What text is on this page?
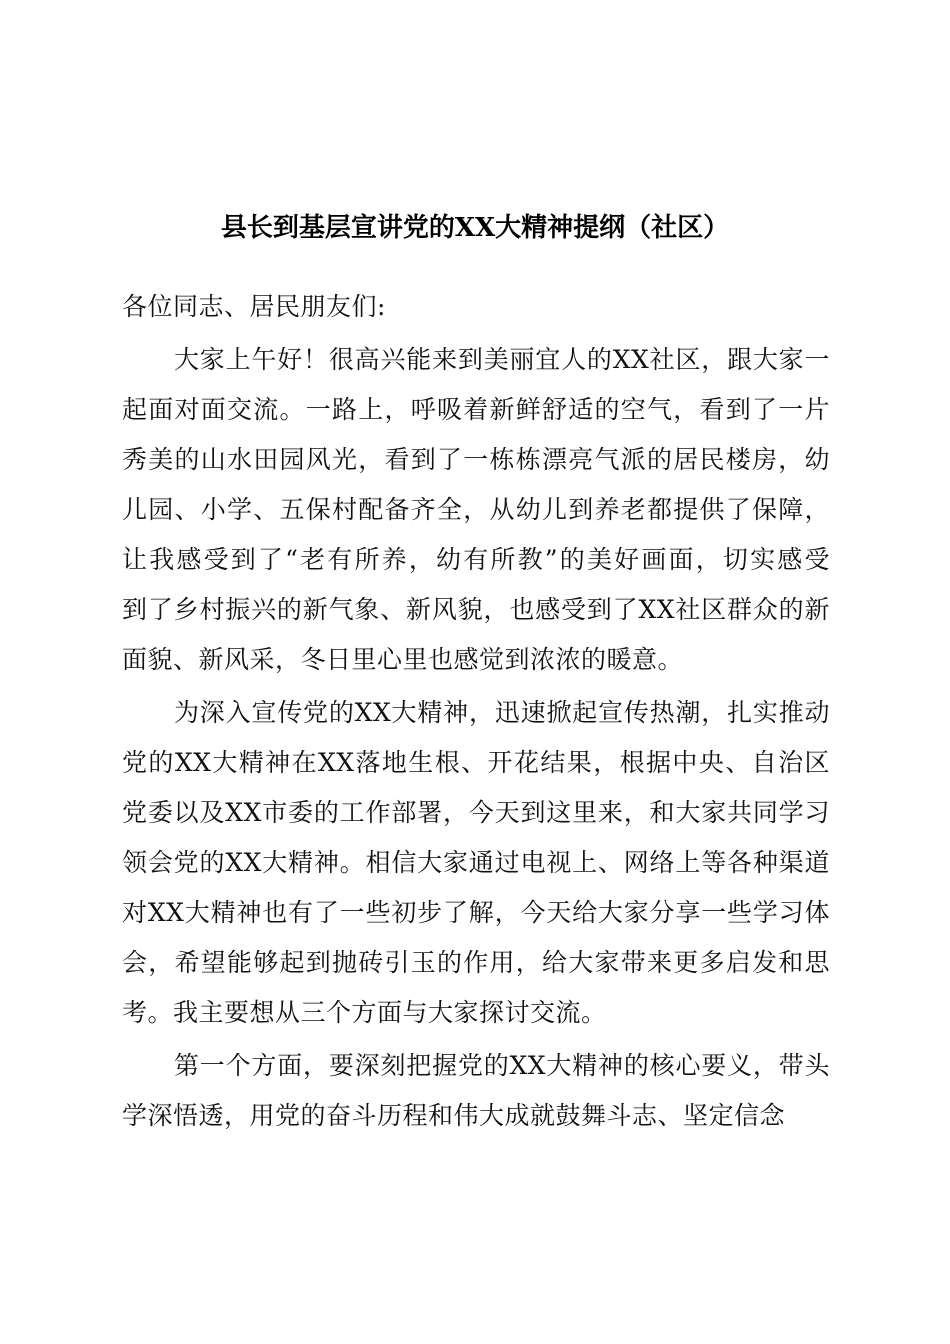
县长到基层宣讲党的XX大精神提纲（社区）
各位同志、居民朋友们:
大家上午好！很高兴能来到美丽宜人的XX社区，跟大家一
起面对面交流。一路上，呼吸着新鲜舒适的空气，看到了一片
秀美的山水田园风光，看到了一栋栋漂亮气派的居民楼房，幼
儿园、小学、五保村配备齐全，从幼儿到养老都提供了保障，
让我感受到了“老有所养，幼有所教”的美好画面，切实感受
到了乡村振兴的新气象、新风貌，也感受到了XX社区群众的新
面貌、新风采，冬日里心里也感觉到浓浓的暖意。
为深入宣传党的XX大精神，迅速掀起宣传热潮，扎实推动
党的XX大精神在XX落地生根、开花结果，根据中央、自治区
党委以及XX市委的工作部署，今天到这里来，和大家共同学习
领会党的XX大精神。相信大家通过电视上、网络上等各种渠道
对XX大精神也有了一些初步了解，今天给大家分享一些学习体
会，希望能够起到抛砖引玉的作用，给大家带来更多启发和思
考。我主要想从三个方面与大家探讨交流。
第一个方面，要深刻把握党的XX大精神的核心要义，带头
学深悟透，用党的奋斗历程和伟大成就鼓舞斗志、坚定信念
